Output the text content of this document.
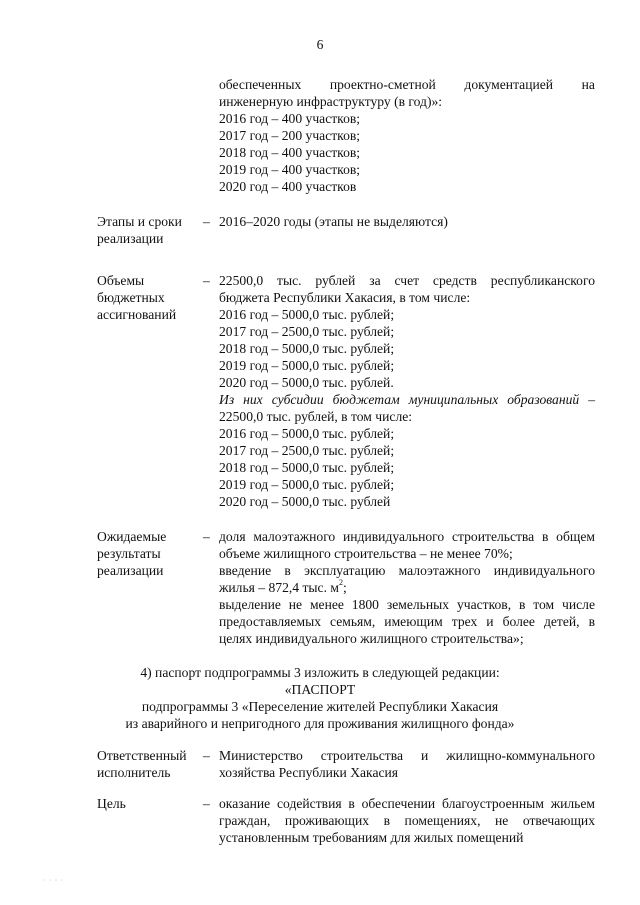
6
обеспеченных проектно-сметной документацией на
инженерную инфраструктуру (в год)»:
2016 год – 400 участков;
2017 год – 200 участков;
2018 год – 400 участков;
2019 год – 400 участков;
2020 год – 400 участков
Этапы и сроки
реализации
– 2016–2020 годы (этапы не выделяются)
Объемы
бюджетных
ассигнований
– 22500,0 тыс. рублей за счет средств республиканского
бюджета Республики Хакасия, в том числе:
2016 год – 5000,0 тыс. рублей;
2017 год – 2500,0 тыс. рублей;
2018 год – 5000,0 тыс. рублей;
2019 год – 5000,0 тыс. рублей;
2020 год – 5000,0 тыс. рублей.
Из них субсидии бюджетам муниципальных образований –
22500,0 тыс. рублей, в том числе:
2016 год – 5000,0 тыс. рублей;
2017 год – 2500,0 тыс. рублей;
2018 год – 5000,0 тыс. рублей;
2019 год – 5000,0 тыс. рублей;
2020 год – 5000,0 тыс. рублей
Ожидаемые
результаты
реализации
– доля малоэтажного индивидуального строительства в общем
объеме жилищного строительства – не менее 70%;
введение в эксплуатацию малоэтажного индивидуального
жилья – 872,4 тыс. $м^2$;
выделение не менее 1800 земельных участков, в том числе
предоставляемых семьям, имеющим трех и более детей, в
целях индивидуального жилищного строительства»;
4) паспорт подпрограммы 3 изложить в следующей редакции:
«ПАСПОРТ
подпрограммы 3 «Переселение жителей Республики Хакасия
из аварийного и непригодного для проживания жилищного фонда»
Ответственный
исполнитель
– Министерство строительства и жилищно-коммунального
хозяйства Республики Хакасия
Цель	– оказание содействия в обеспечении благоустроенным жильем
граждан, проживающих в помещениях, не отвечающих
установленным требованиям для жилых помещений
